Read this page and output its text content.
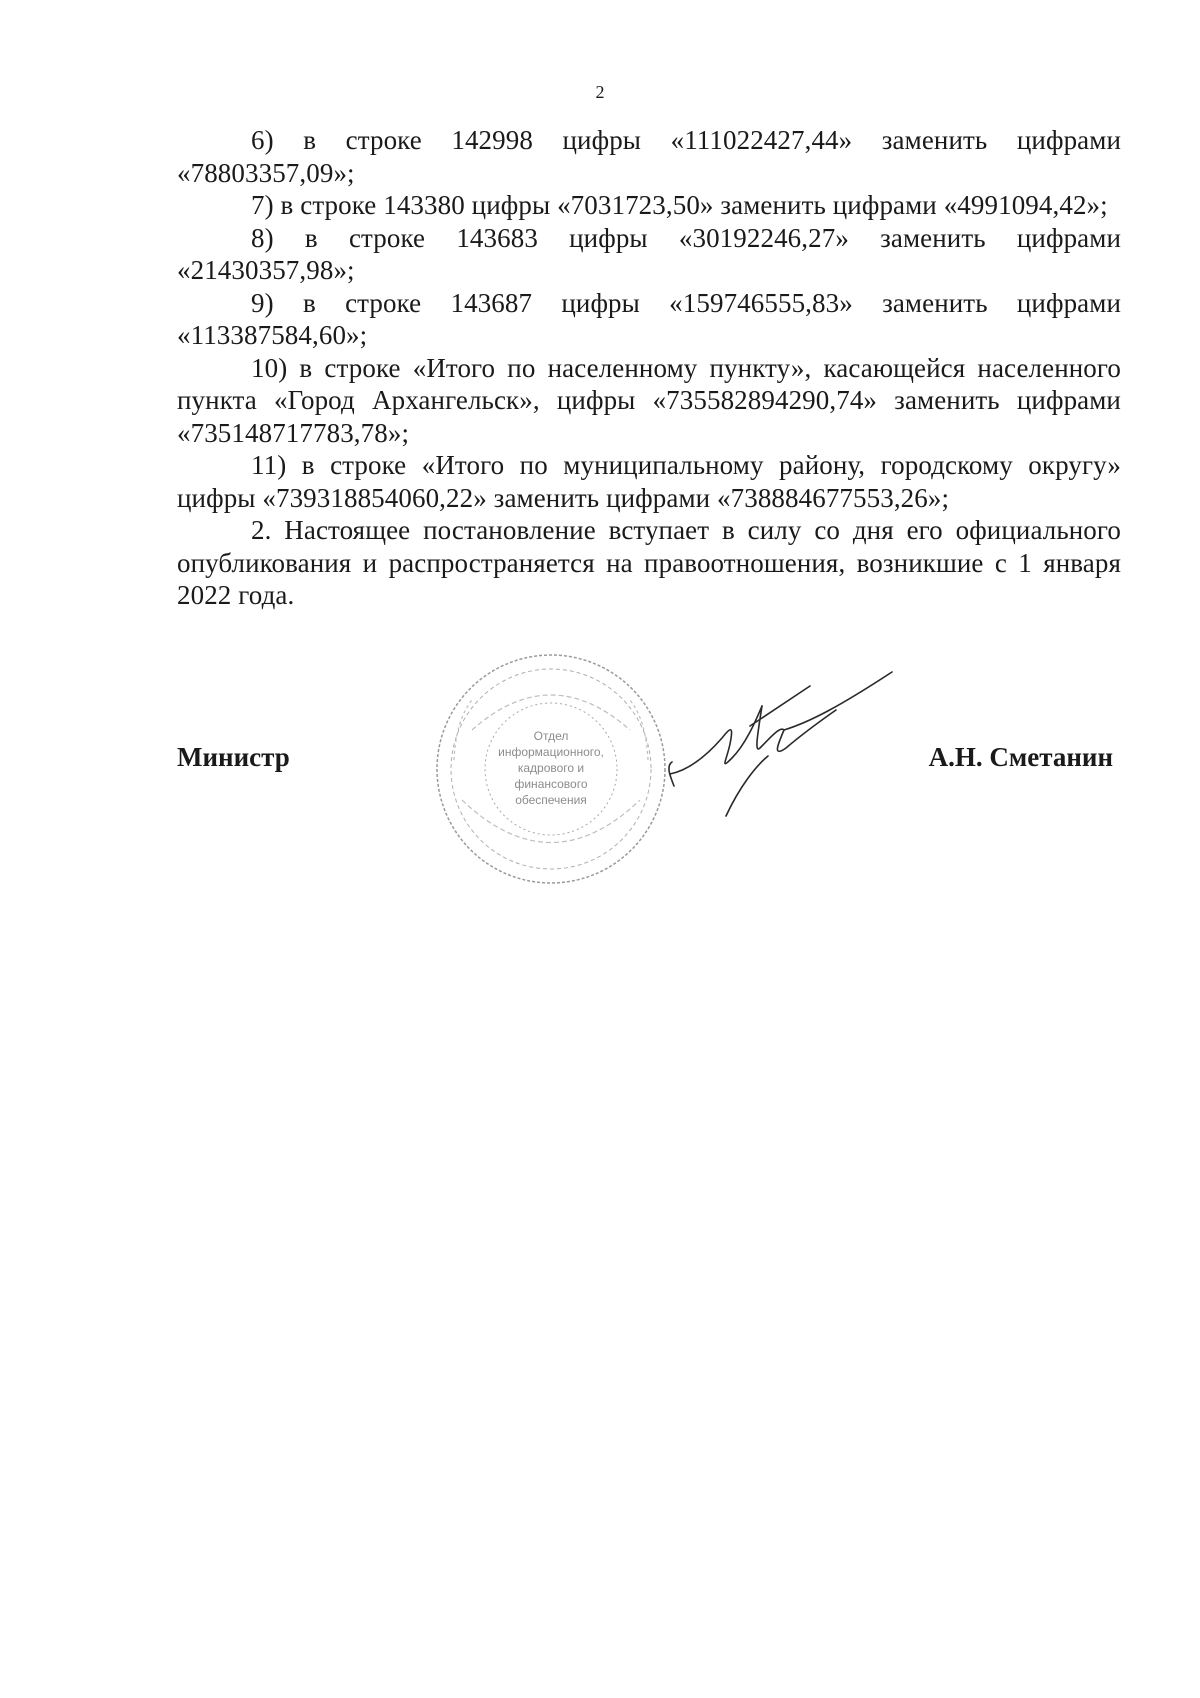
2

6) в строке 142998 цифры «111022427,44» заменить цифрами «78803357,09»;

7) в строке 143380 цифры «7031723,50» заменить цифрами «4991094,42»;

8) в строке 143683 цифры «30192246,27» заменить цифрами «21430357,98»;

9) в строке 143687 цифры «159746555,83» заменить цифрами «113387584,60»;

10) в строке «Итого по населенному пункту», касающейся населенного пункта «Город Архангельск», цифры «735582894290,74» заменить цифрами «735148717783,78»;

11) в строке «Итого по муниципальному району, городскому округу» цифры «739318854060,22» заменить цифрами «738884677553,26»;

2. Настоящее постановление вступает в силу со дня его официального опубликования и распространяется на правоотношения, возникшие с 1 января 2022 года.

Министр	А.Н. Сметанин
Отдел
информационного,
кадрового и
финансового
обеспечения
